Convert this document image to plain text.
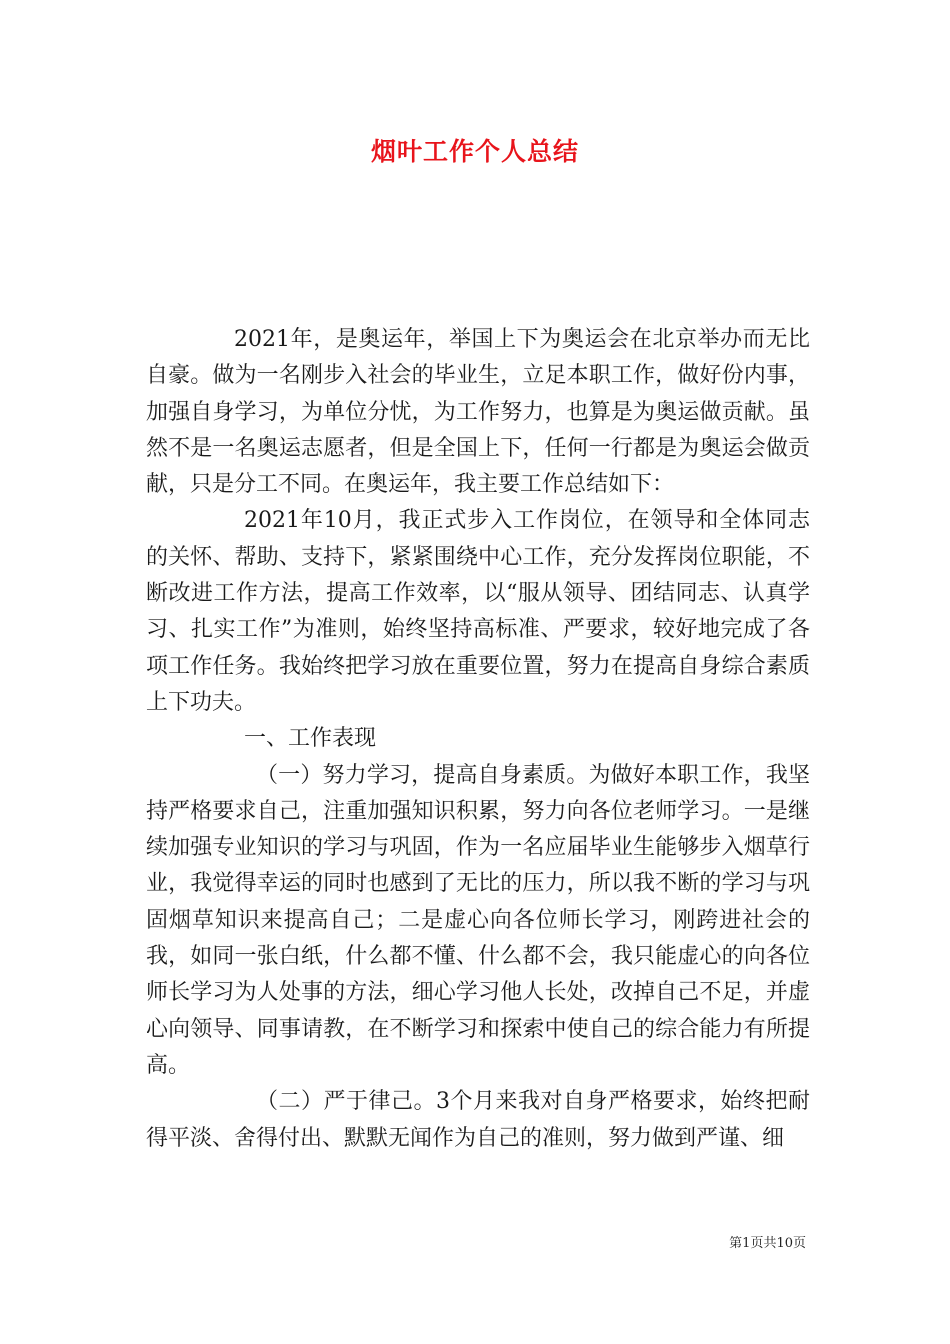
烟叶工作个人总结

2021年，是奥运年，举国上下为奥运会在北京举办而无比自豪。做为一名刚步入社会的毕业生，立足本职工作，做好份内事，加强自身学习，为单位分忧，为工作努力，也算是为奥运做贡献。虽然不是一名奥运志愿者，但是全国上下，任何一行都是为奥运会做贡献，只是分工不同。在奥运年，我主要工作总结如下：

2021年10月，我正式步入工作岗位，在领导和全体同志的关怀、帮助、支持下，紧紧围绕中心工作，充分发挥岗位职能，不断改进工作方法，提高工作效率，以“服从领导、团结同志、认真学习、扎实工作”为准则，始终坚持高标准、严要求，较好地完成了各项工作任务。我始终把学习放在重要位置，努力在提高自身综合素质上下功夫。

一、工作表现

（一）努力学习，提高自身素质。为做好本职工作，我坚持严格要求自己，注重加强知识积累，努力向各位老师学习。一是继续加强专业知识的学习与巩固，作为一名应届毕业生能够步入烟草行业，我觉得幸运的同时也感到了无比的压力，所以我不断的学习与巩固烟草知识来提高自己；二是虚心向各位师长学习，刚跨进社会的我，如同一张白纸，什么都不懂、什么都不会，我只能虚心的向各位师长学习为人处事的方法，细心学习他人长处，改掉自己不足，并虚心向领导、同事请教，在不断学习和探索中使自己的综合能力有所提高。

（二）严于律己。3个月来我对自身严格要求，始终把耐得平淡、舍得付出、默默无闻作为自己的准则，努力做到严谨、细

第1页共10页
